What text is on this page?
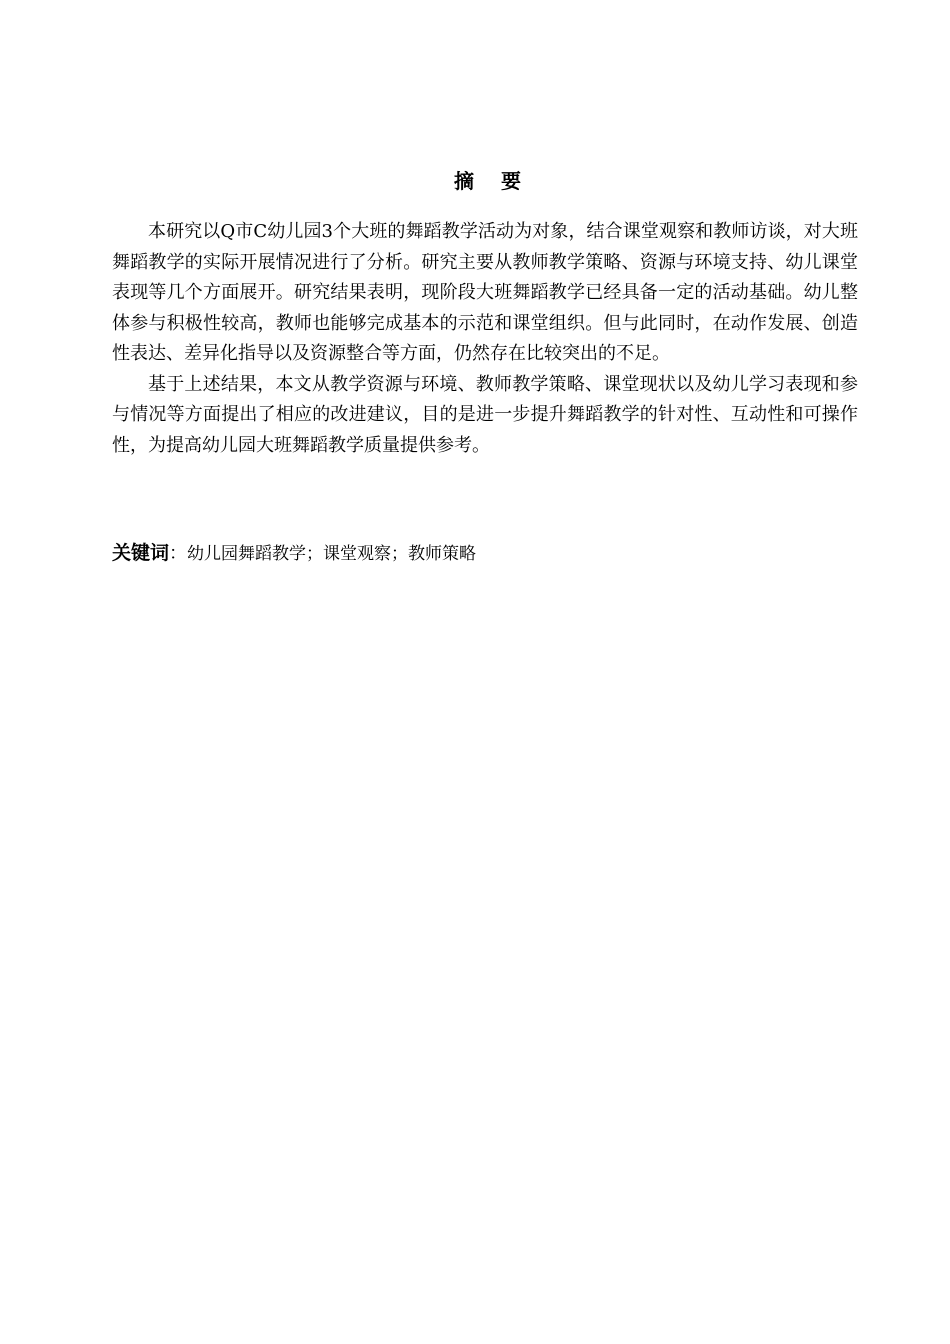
摘 要

本研究以Q市C幼儿园3个大班的舞蹈教学活动为对象，结合课堂观察和教师访谈，对大班舞蹈教学的实际开展情况进行了分析。研究主要从教师教学策略、资源与环境支持、幼儿课堂表现等几个方面展开。研究结果表明，现阶段大班舞蹈教学已经具备一定的活动基础。幼儿整体参与积极性较高，教师也能够完成基本的示范和课堂组织。但与此同时，在动作发展、创造性表达、差异化指导以及资源整合等方面，仍然存在比较突出的不足。

基于上述结果，本文从教学资源与环境、教师教学策略、课堂现状以及幼儿学习表现和参与情况等方面提出了相应的改进建议，目的是进一步提升舞蹈教学的针对性、互动性和可操作性，为提高幼儿园大班舞蹈教学质量提供参考。

关键词：幼儿园舞蹈教学；课堂观察；教师策略
